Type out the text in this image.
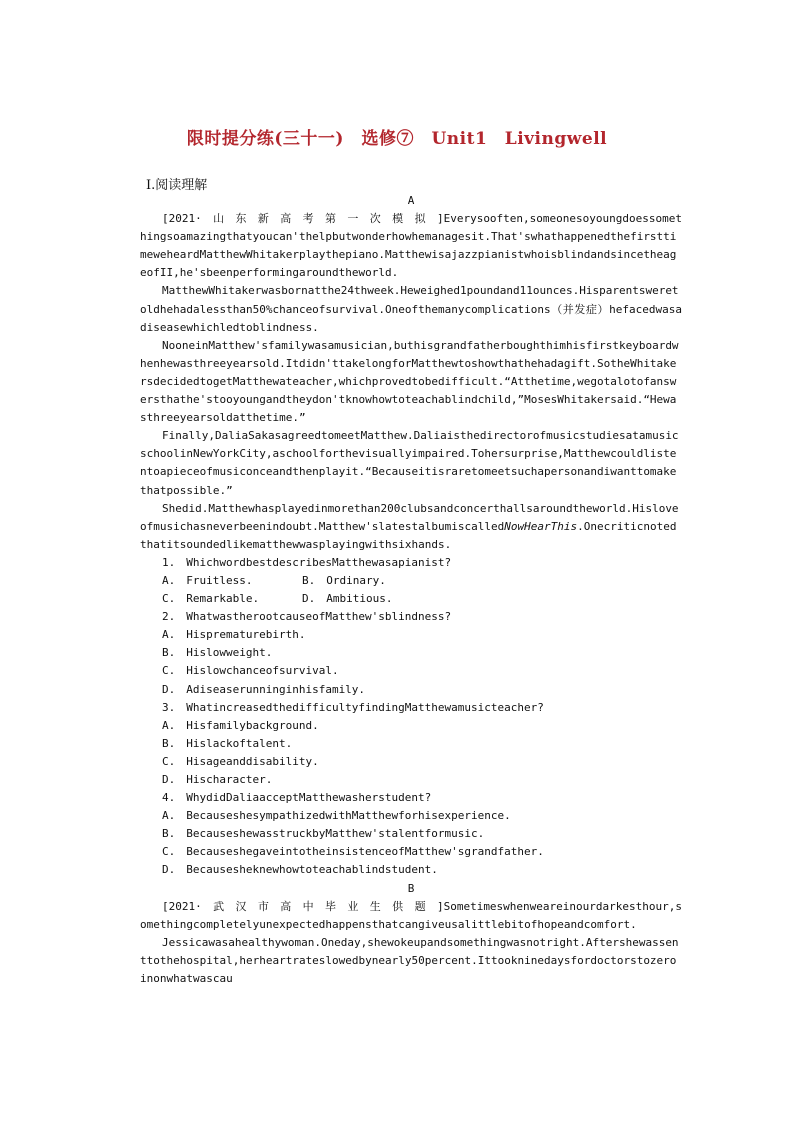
限时提分练(三十一)　选修⑦　Unit1　Livingwell
Ⅰ.阅读理解
A

[2021·　山　东　新　高　考　第　一　次　模　拟　]Everysooften,someonesoyoungdoessomethingsoamazingthatyoucan'thelpbutwonderhowhemanagesit.That'swhathappenedthefirsttimeweheardMatthewWhitakerplaythepiano.MatthewisajazzpianistwhoisblindandsincetheageofII,he'sbeenperformingaroundtheworld.

MatthewWhitakerwasbornatthe24thweek.Heweighed1poundand11ounces.Hisparentsweretoldhehadalessthan50%chanceofsurvival.Oneofthemanycomplications（并发症）hefacedwasadiseasewhichledtoblindness.

NooneinMatthew'sfamilywasamusician,buthisgrandfatherboughthimhisfirstkeyboardwhenhewasthreeyearsold.Itdidn'ttakelongforMatthewtoshowthathehadagift.SotheWhitakersdecidedtogetMatthewateacher,whichprovedtobedifficult.“Atthetime,wegotalotofanswersthathe'stooyoungandtheydon'tknowhowtoteachablindchild,”MosesWhitakersaid.“Hewasthreeyearsoldatthetime.”

Finally,DaliaSakasagreedtomeetMatthew.DaliaisthedirectorofmusicstudiesatamusicschoolinNewYorkCity,aschoolforthevisuallyimpaired.Tohersurprise,Matthewcouldlistentoapieceofmusiconceandthenplayit.“Becauseitisraretomeetsuchapersonandiwanttomakethatpossible.”

Shedid.Matthewhasplayedinmorethan200clubsandconcerthallsaroundtheworld.Hisloveofmusichasneverbeenindoubt.Matthew'slatestalbumiscalledNowHearThis.Onecriticnotedthatitsoundedlikematthewwasplayingwithsixhands.

1.　WhichwordbestdescribesMatthewasapianist?

A.　Fruitless.	B.　Ordinary.

C.　Remarkable.	D.　Ambitious.

2.　WhatwastherootcauseofMatthew'sblindness?

A.　Hisprematurebirth.

B.　Hislowweight.

C.　Hislowchanceofsurvival.

D.　Adiseaserunninginhisfamily.

3.　WhatincreasedthedifficultyfindingMatthewamusicteacher?

A.　Hisfamilybackground.

B.　Hislackoftalent.

C.　Hisageanddisability.

D.　Hischaracter.

4.　WhydidDaliaacceptMatthewasherstudent?

A.　BecauseshesympathizedwithMatthewforhisexperience.

B.　BecauseshewasstruckbyMatthew'stalentformusic.

C.　BecauseshegaveintotheinsistenceofMatthew'sgrandfather.

D.　Becausesheknewhowtoteachablindstudent.

B

[2021·　武　汉　市　高　中　毕　业　生　供　题　]Sometimeswhenweareinourdarkesthour,somethingcompletelyunexpectedhappensthatcangiveusalittlebitofhopeandcomfort.

Jessicawasahealthywoman.Oneday,shewokeupandsomethingwasnotright.Aftershewassenttothehospital,herheartrateslowedbynearly50percent.Ittookninedaysfordoctorstozeroinonwhatwascau
